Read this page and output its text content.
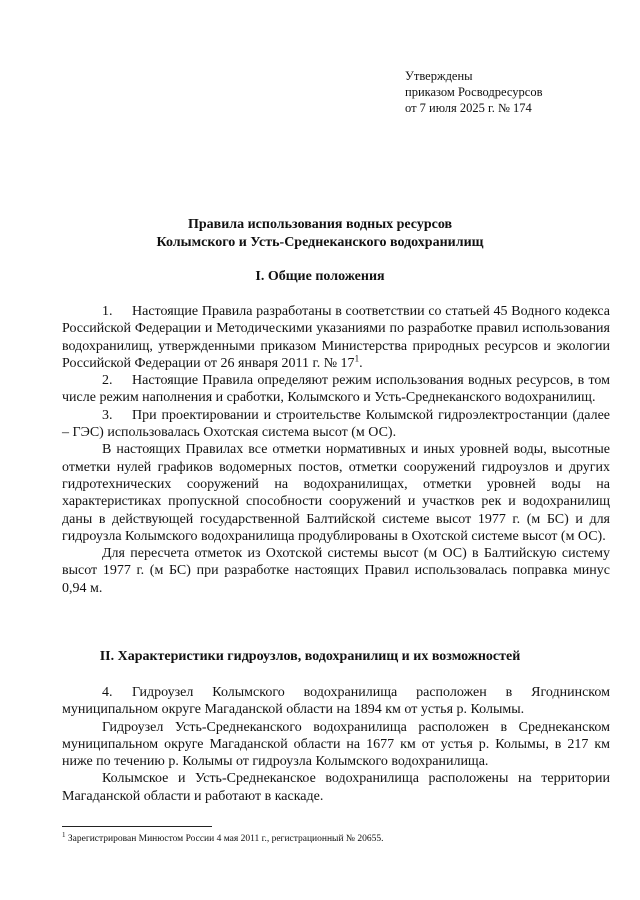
Утверждены
приказом Росводресурсов
от 7 июля 2025 г. № 174
Правила использования водных ресурсов
Колымского и Усть-Среднеканского водохранилищ
I. Общие положения

1. Настоящие Правила разработаны в соответствии со статьей 45 Водного кодекса Российской Федерации и Методическими указаниями по разработке правил использования водохранилищ, утвержденными приказом Министерства природных ресурсов и экологии Российской Федерации от 26 января 2011 г. № $17^1$.

2. Настоящие Правила определяют режим использования водных ресурсов, в том числе режим наполнения и сработки, Колымского и Усть-Среднеканского водохранилищ.

3. При проектировании и строительстве Колымской гидроэлектростанции (далее – ГЭС) использовалась Охотская система высот (м ОС).

В настоящих Правилах все отметки нормативных и иных уровней воды, высотные отметки нулей графиков водомерных постов, отметки сооружений гидроузлов и других гидротехнических сооружений на водохранилищах, отметки уровней воды на характеристиках пропускной способности сооружений и участков рек и водохранилищ даны в действующей государственной Балтийской системе высот 1977 г. (м БС) и для гидроузла Колымского водохранилища продублированы в Охотской системе высот (м ОС).

Для пересчета отметок из Охотской системы высот (м ОС) в Балтийскую систему высот 1977 г. (м БС) при разработке настоящих Правил использовалась поправка минус 0,94 м.

II. Характеристики гидроузлов, водохранилищ и их возможностей

4. Гидроузел Колымского водохранилища расположен в Ягоднинском муниципальном округе Магаданской области на 1894 км от устья р. Колымы.

Гидроузел Усть-Среднеканского водохранилища расположен в Среднеканском муниципальном округе Магаданской области на 1677 км от устья р. Колымы, в 217 км ниже по течению р. Колымы от гидроузла Колымского водохранилища.

Колымское и Усть-Среднеканское водохранилища расположены на территории Магаданской области и работают в каскаде.

$^1$ Зарегистрирован Минюстом России 4 мая 2011 г., регистрационный № 20655.
